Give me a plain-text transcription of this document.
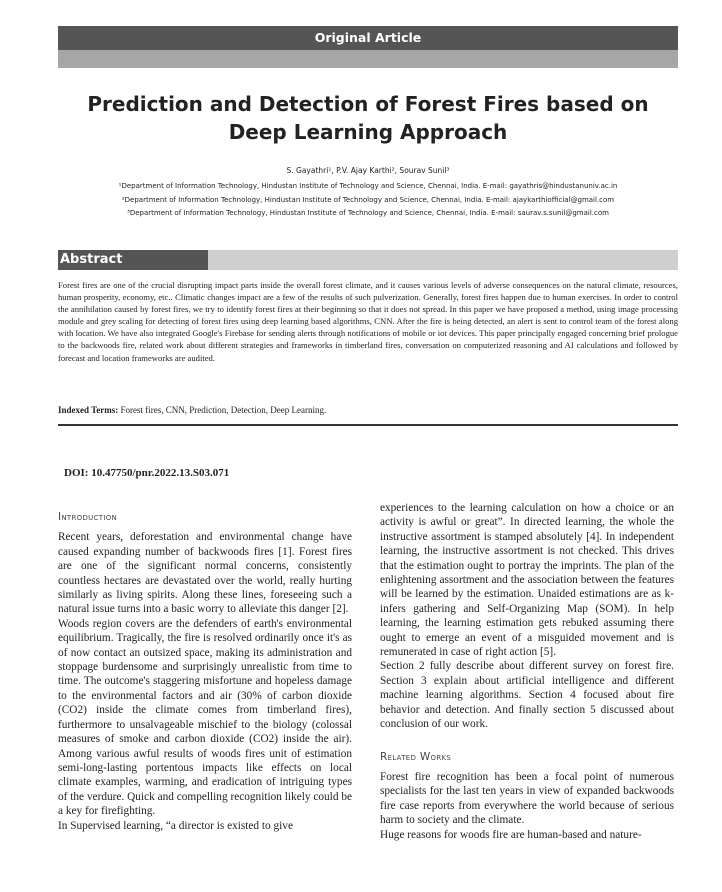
Original Article
Prediction and Detection of Forest Fires based on
Deep Learning Approach
S. Gayathri¹, P.V. Ajay Karthi², Sourav Sunil³
¹Department of Information Technology, Hindustan Institute of Technology and Science, Chennai, India. E-mail: gayathris@hindustanuniv.ac.in
²Department of Information Technology, Hindustan Institute of Technology and Science, Chennai, India. E-mail: ajaykarthiofficial@gmail.com
³Department of Information Technology, Hindustan Institute of Technology and Science, Chennai, India. E-mail: saurav.s.sunil@gmail.com
Abstract
Forest fires are one of the crucial disrupting impact parts inside the overall forest climate, and it causes various levels of adverse consequences on the natural climate, resources, human prosperity, economy, etc.. Climatic changes impact are a few of the results of such pulverization. Generally, forest fires happen due to human exercises. In order to control the annihilation caused by forest fires, we try to identify forest fires at their beginning so that it does not spread. In this paper we have proposed a method, using image processing module and grey scaling for detecting of forest fires using deep learning based algorithms, CNN. After the fire is being detected, an alert is sent to control team of the forest along with location. We have also integrated Google's Firebase for sending alerts through notifications of mobile or iot devices. This paper principally engaged concerning brief prologue to the backwoods fire, related work about different strategies and frameworks in timberland fires, conversation on computerized reasoning and AI calculations and followed by forecast and location frameworks are audited.
Indexed Terms: Forest fires, CNN, Prediction, Detection, Deep Learning.
DOI: 10.47750/pnr.2022.13.S03.071
Introduction

Recent years, deforestation and environmental change have caused expanding number of backwoods fires [1]. Forest fires are one of the significant normal concerns, consistently countless hectares are devastated over the world, really hurting similarly as living spirits. Along these lines, foreseeing such a natural issue turns into a basic worry to alleviate this danger [2].

Woods region covers are the defenders of earth's environmental equilibrium. Tragically, the fire is resolved ordinarily once it's as of now contact an outsized space, making its administration and stoppage burdensome and surprisingly unrealistic from time to time. The outcome's staggering misfortune and hopeless damage to the environmental factors and air (30% of carbon dioxide (CO2) inside the climate comes from timberland fires), furthermore to unsalvageable mischief to the biology (colossal measures of smoke and carbon dioxide (CO2) inside the air). Among various awful results of woods fires unit of estimation semi-long-lasting portentous impacts like effects on local climate examples, warming, and eradication of intriguing types of the verdure. Quick and compelling recognition likely could be a key for firefighting.

In Supervised learning, “a director is existed to give

experiences to the learning calculation on how a choice or an activity is awful or great”. In directed learning, the whole the instructive assortment is stamped absolutely [4]. In independent learning, the instructive assortment is not checked. This drives that the estimation ought to portray the imprints. The plan of the enlightening assortment and the association between the features will be learned by the estimation. Unaided estimations are as k-infers gathering and Self-Organizing Map (SOM). In help learning, the learning estimation gets rebuked assuming there ought to emerge an event of a misguided movement and is remunerated in case of right action [5].

Section 2 fully describe about different survey on forest fire. Section 3 explain about artificial intelligence and different machine learning algorithms. Section 4 focused about fire behavior and detection. And finally section 5 discussed about conclusion of our work.

Related Works

Forest fire recognition has been a focal point of numerous specialists for the last ten years in view of expanded backwoods fire case reports from everywhere the world because of serious harm to society and the climate.

Huge reasons for woods fire are human-based and nature-
